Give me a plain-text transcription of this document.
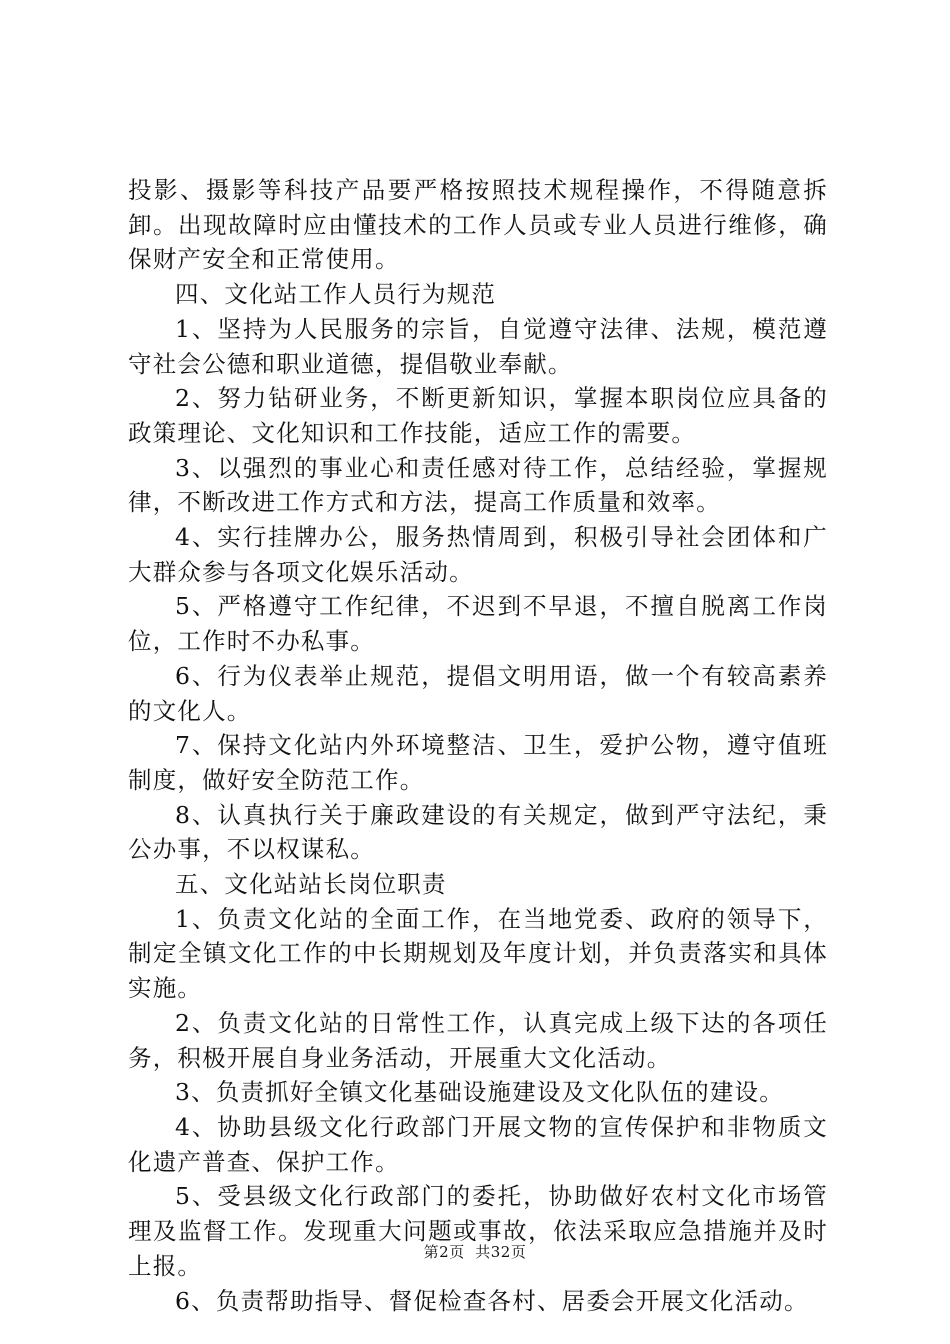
投影、摄影等科技产品要严格按照技术规程操作，不得随意拆卸。出现故障时应由懂技术的工作人员或专业人员进行维修，确保财产安全和正常使用。

四、文化站工作人员行为规范

1、坚持为人民服务的宗旨，自觉遵守法律、法规，模范遵守社会公德和职业道德，提倡敬业奉献。

2、努力钻研业务，不断更新知识，掌握本职岗位应具备的政策理论、文化知识和工作技能，适应工作的需要。

3、以强烈的事业心和责任感对待工作，总结经验，掌握规律，不断改进工作方式和方法，提高工作质量和效率。

4、实行挂牌办公，服务热情周到，积极引导社会团体和广大群众参与各项文化娱乐活动。

5、严格遵守工作纪律，不迟到不早退，不擅自脱离工作岗位，工作时不办私事。

6、行为仪表举止规范，提倡文明用语，做一个有较高素养的文化人。

7、保持文化站内外环境整洁、卫生，爱护公物，遵守值班制度，做好安全防范工作。

8、认真执行关于廉政建设的有关规定，做到严守法纪，秉公办事，不以权谋私。

五、文化站站长岗位职责

1、负责文化站的全面工作，在当地党委、政府的领导下，制定全镇文化工作的中长期规划及年度计划，并负责落实和具体实施。

2、负责文化站的日常性工作，认真完成上级下达的各项任务，积极开展自身业务活动，开展重大文化活动。

3、负责抓好全镇文化基础设施建设及文化队伍的建设。

4、协助县级文化行政部门开展文物的宣传保护和非物质文化遗产普查、保护工作。

5、受县级文化行政部门的委托，协助做好农村文化市场管理及监督工作。发现重大问题或事故，依法采取应急措施并及时上报。

6、负责帮助指导、督促检查各村、居委会开展文化活动。

第2页  共32页
